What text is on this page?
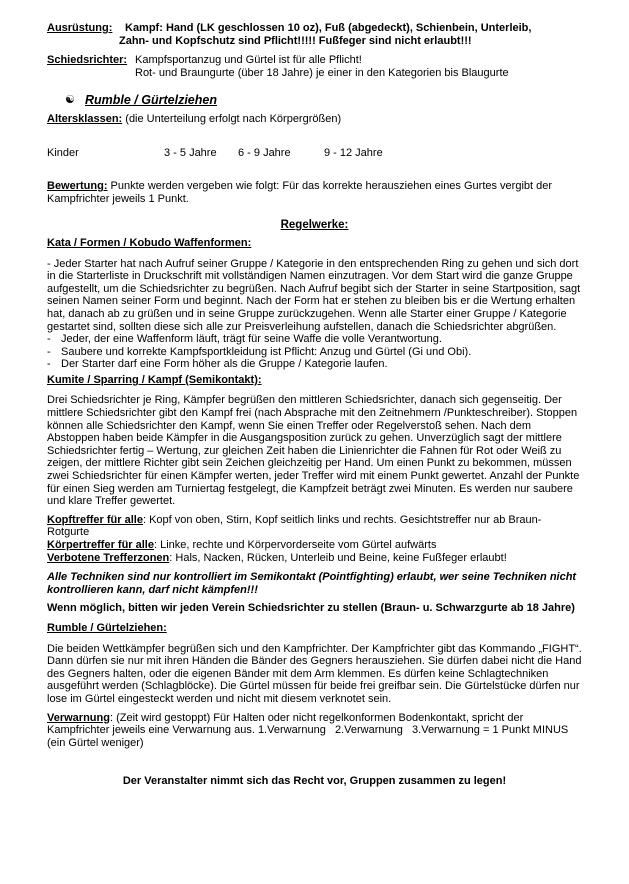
Ausrüstung:	Kampf: Hand (LK geschlossen 10 oz), Fuß (abgedeckt), Schienbein, Unterleib,
Zahn- und Kopfschutz sind Pflicht!!!!! Fußfeger sind nicht erlaubt!!!
Schiedsrichter: Kampfsportanzug und Gürtel ist für alle Pflicht!
Rot- und Braungurte (über 18 Jahre) je einer in den Kategorien bis Blaugurte
☯ Rumble / Gürtelziehen
Altersklassen: (die Unterteilung erfolgt nach Körpergrößen)
Kinder	3 - 5 Jahre	6 - 9 Jahre	9 - 12 Jahre

Bewertung: Punkte werden vergeben wie folgt: Für das korrekte herausziehen eines Gurtes vergibt der Kampfrichter jeweils 1 Punkt.

Regelwerke:
Kata / Formen / Kobudo Waffenformen:

- Jeder Starter hat nach Aufruf seiner Gruppe / Kategorie in den entsprechenden Ring zu gehen und sich dort in die Starterliste in Druckschrift mit vollständigen Namen einzutragen. Vor dem Start wird die ganze Gruppe aufgestellt, um die Schiedsrichter zu begrüßen. Nach Aufruf begibt sich der Starter in seine Startposition, sagt seinen Namen seiner Form und beginnt. Nach der Form hat er stehen zu bleiben bis er die Wertung erhalten hat, danach ab zu grüßen und in seine Gruppe zurückzugehen. Wenn alle Starter einer Gruppe / Kategorie gestartet sind, sollten diese sich alle zur Preisverleihung aufstellen, danach die Schiedsrichter abgrüßen.

- Jeder, der eine Waffenform läuft, trägt für seine Waffe die volle Verantwortung.
- Saubere und korrekte Kampfsportkleidung ist Pflicht: Anzug und Gürtel (Gi und Obi).
- Der Starter darf eine Form höher als die Gruppe / Kategorie laufen.
Kumite / Sparring / Kampf (Semikontakt):

Drei Schiedsrichter je Ring, Kämpfer begrüßen den mittleren Schiedsrichter, danach sich gegenseitig. Der mittlere Schiedsrichter gibt den Kampf frei (nach Absprache mit den Zeitnehmern /Punkteschreiber). Stoppen können alle Schiedsrichter den Kampf, wenn Sie einen Treffer oder Regelverstoß sehen. Nach dem Abstoppen haben beide Kämpfer in die Ausgangsposition zurück zu gehen. Unverzüglich sagt der mittlere Schiedsrichter fertig – Wertung, zur gleichen Zeit haben die Linienrichter die Fahnen für Rot oder Weiß zu zeigen, der mittlere Richter gibt sein Zeichen gleichzeitig per Hand. Um einen Punkt zu bekommen, müssen zwei Schiedsrichter für einen Kämpfer werten, jeder Treffer wird mit einem Punkt gewertet. Anzahl der Punkte für einen Sieg werden am Turniertag festgelegt, die Kampfzeit beträgt zwei Minuten. Es werden nur saubere und klare Treffer gewertet.

Kopftreffer für alle: Kopf von oben, Stirn, Kopf seitlich links und rechts. Gesichtstreffer nur ab Braun-Rotgurte

Körpertreffer für alle: Linke, rechte und Körpervorderseite vom Gürtel aufwärts

Verbotene Trefferzonen: Hals, Nacken, Rücken, Unterleib und Beine, keine Fußfeger erlaubt!

Alle Techniken sind nur kontrolliert im Semikontakt (Pointfighting) erlaubt, wer seine Techniken nicht kontrollieren kann, darf nicht kämpfen!!!

Wenn möglich, bitten wir jeden Verein Schiedsrichter zu stellen (Braun- u. Schwarzgurte ab 18 Jahre)

Rumble / Gürtelziehen:

Die beiden Wettkämpfer begrüßen sich und den Kampfrichter. Der Kampfrichter gibt das Kommando „FIGHT“. Dann dürfen sie nur mit ihren Händen die Bänder des Gegners herausziehen. Sie dürfen dabei nicht die Hand des Gegners halten, oder die eigenen Bänder mit dem Arm klemmen. Es dürfen keine Schlagtechniken ausgeführt werden (Schlagblöcke). Die Gürtel müssen für beide frei greifbar sein. Die Gürtelstücke dürfen nur lose im Gürtel eingesteckt werden und nicht mit diesem verknotet sein.

Verwarnung: (Zeit wird gestoppt) Für Halten oder nicht regelkonformen Bodenkontakt, spricht der Kampfrichter jeweils eine Verwarnung aus. 1.Verwarnung   2.Verwarnung   3.Verwarnung = 1 Punkt MINUS (ein Gürtel weniger)

Der Veranstalter nimmt sich das Recht vor, Gruppen zusammen zu legen!
